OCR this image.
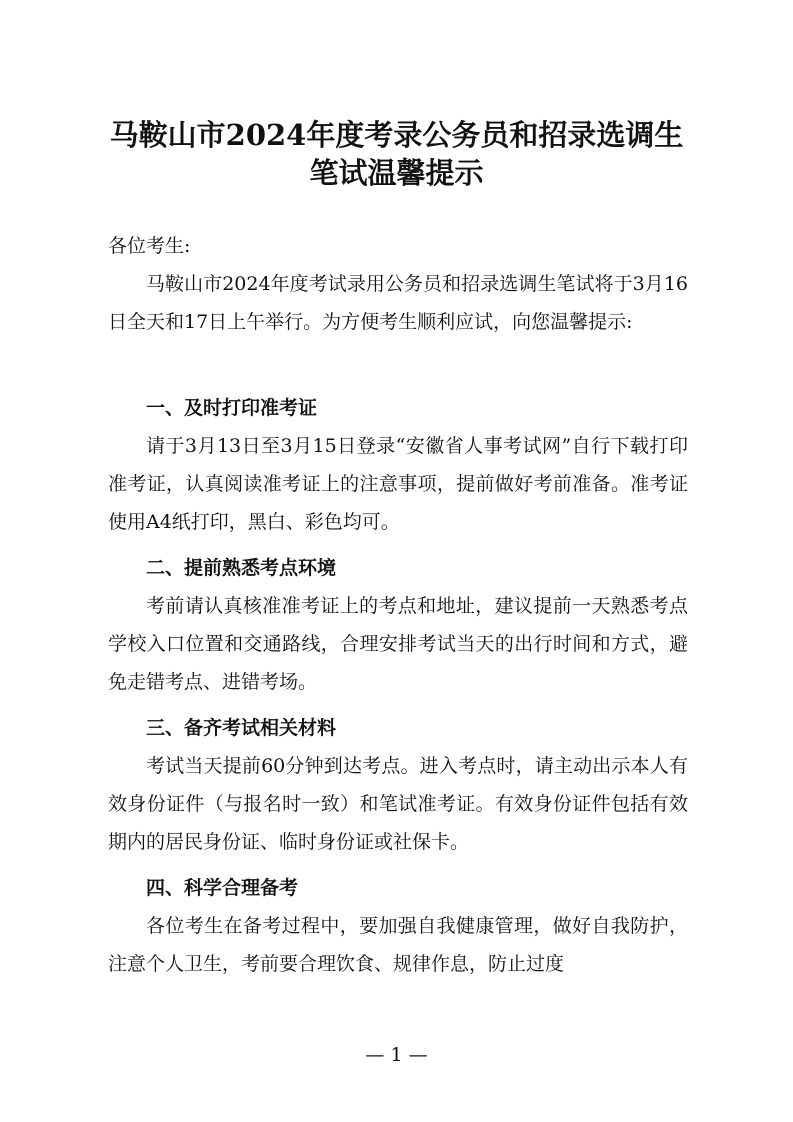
马鞍山市2024年度考录公务员和招录选调生
笔试温馨提示
各位考生:
马鞍山市2024年度考试录用公务员和招录选调生笔试将于3月16日全天和17日上午举行。为方便考生顺利应试，向您温馨提示:
一、及时打印准考证
请于3月13日至3月15日登录“安徽省人事考试网”自行下载打印准考证，认真阅读准考证上的注意事项，提前做好考前准备。准考证使用A4纸打印，黑白、彩色均可。
二、提前熟悉考点环境
考前请认真核准准考证上的考点和地址，建议提前一天熟悉考点学校入口位置和交通路线，合理安排考试当天的出行时间和方式，避免走错考点、进错考场。
三、备齐考试相关材料
考试当天提前60分钟到达考点。进入考点时，请主动出示本人有效身份证件（与报名时一致）和笔试准考证。有效身份证件包括有效期内的居民身份证、临时身份证或社保卡。
四、科学合理备考
各位考生在备考过程中，要加强自我健康管理，做好自我防护，注意个人卫生，考前要合理饮食、规律作息，防止过度
— 1 —
